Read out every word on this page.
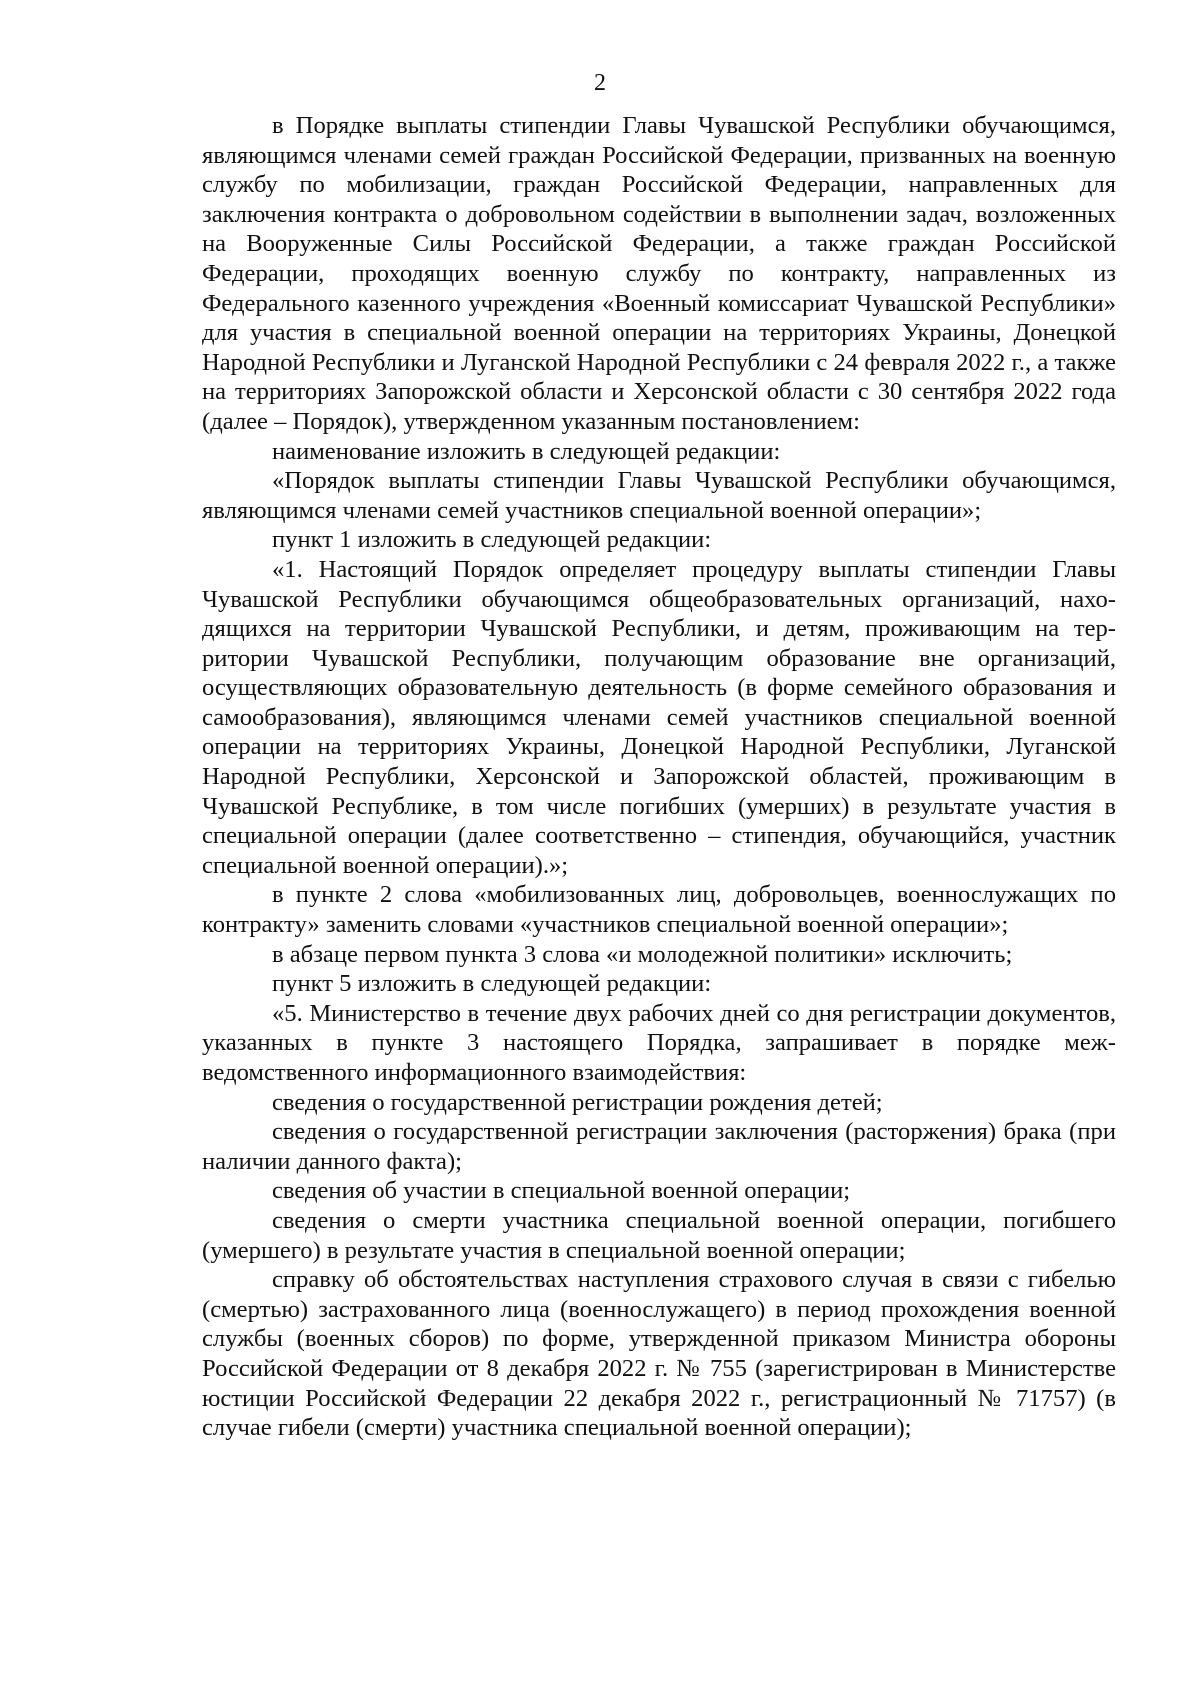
2

в Порядке выплаты стипендии Главы Чувашской Республики обучающимся, являющимся членами семей граждан Российской Федерации, призванных на военную службу по мобилизации, граждан Российской Федерации, направленных для заключения контракта о добровольном содействии в выполнении задач, возложенных на Вооруженные Силы Российской Федерации, а также граждан Российской Федерации, проходящих военную службу по контракту, направленных из Федерального казенного учреждения «Военный комиссариат Чувашской Республики» для участия в специальной военной операции на территориях Украины, Донецкой Народной Республики и Луганской Народной Республики с 24 февраля 2022 г., а также на территориях Запорожской области и Херсонской области с 30 сентября 2022 года (далее – Порядок), утвержденном указанным постановлением:

наименование изложить в следующей редакции:

«Порядок выплаты стипендии Главы Чувашской Республики обучающимся, являющимся членами семей участников специальной военной операции»;

пункт 1 изложить в следующей редакции:

«1. Настоящий Порядок определяет процедуру выплаты стипендии Главы Чувашской Республики обучающимся общеобразовательных организаций, находящихся на территории Чувашской Республики, и детям, проживающим на территории Чувашской Республики, получающим образование вне организаций, осуществляющих образовательную деятельность (в форме семейного образования и самообразования), являющимся членами семей участников специальной военной операции на территориях Украины, Донецкой Народной Республики, Луганской Народной Республики, Херсонской и Запорожской областей, проживающим в Чувашской Республике, в том числе погибших (умерших) в результате участия в специальной операции (далее соответственно – стипендия, обучающийся, участник специальной военной операции).»;

в пункте 2 слова «мобилизованных лиц, добровольцев, военнослужащих по контракту» заменить словами «участников специальной военной операции»;

в абзаце первом пункта 3 слова «и молодежной политики» исключить;

пункт 5 изложить в следующей редакции:

«5. Министерство в течение двух рабочих дней со дня регистрации документов, указанных в пункте 3 настоящего Порядка, запрашивает в порядке межведомственного информационного взаимодействия:

сведения о государственной регистрации рождения детей;

сведения о государственной регистрации заключения (расторжения) брака (при наличии данного факта);

сведения об участии в специальной военной операции;

сведения о смерти участника специальной военной операции, погибшего (умершего) в результате участия в специальной военной операции;

справку об обстоятельствах наступления страхового случая в связи с гибелью (смертью) застрахованного лица (военнослужащего) в период прохождения военной службы (военных сборов) по форме, утвержденной приказом Министра обороны Российской Федерации от 8 декабря 2022 г. № 755 (зарегистрирован в Министерстве юстиции Российской Федерации 22 декабря 2022 г., регистрационный № 71757) (в случае гибели (смерти) участника специальной военной операции);
